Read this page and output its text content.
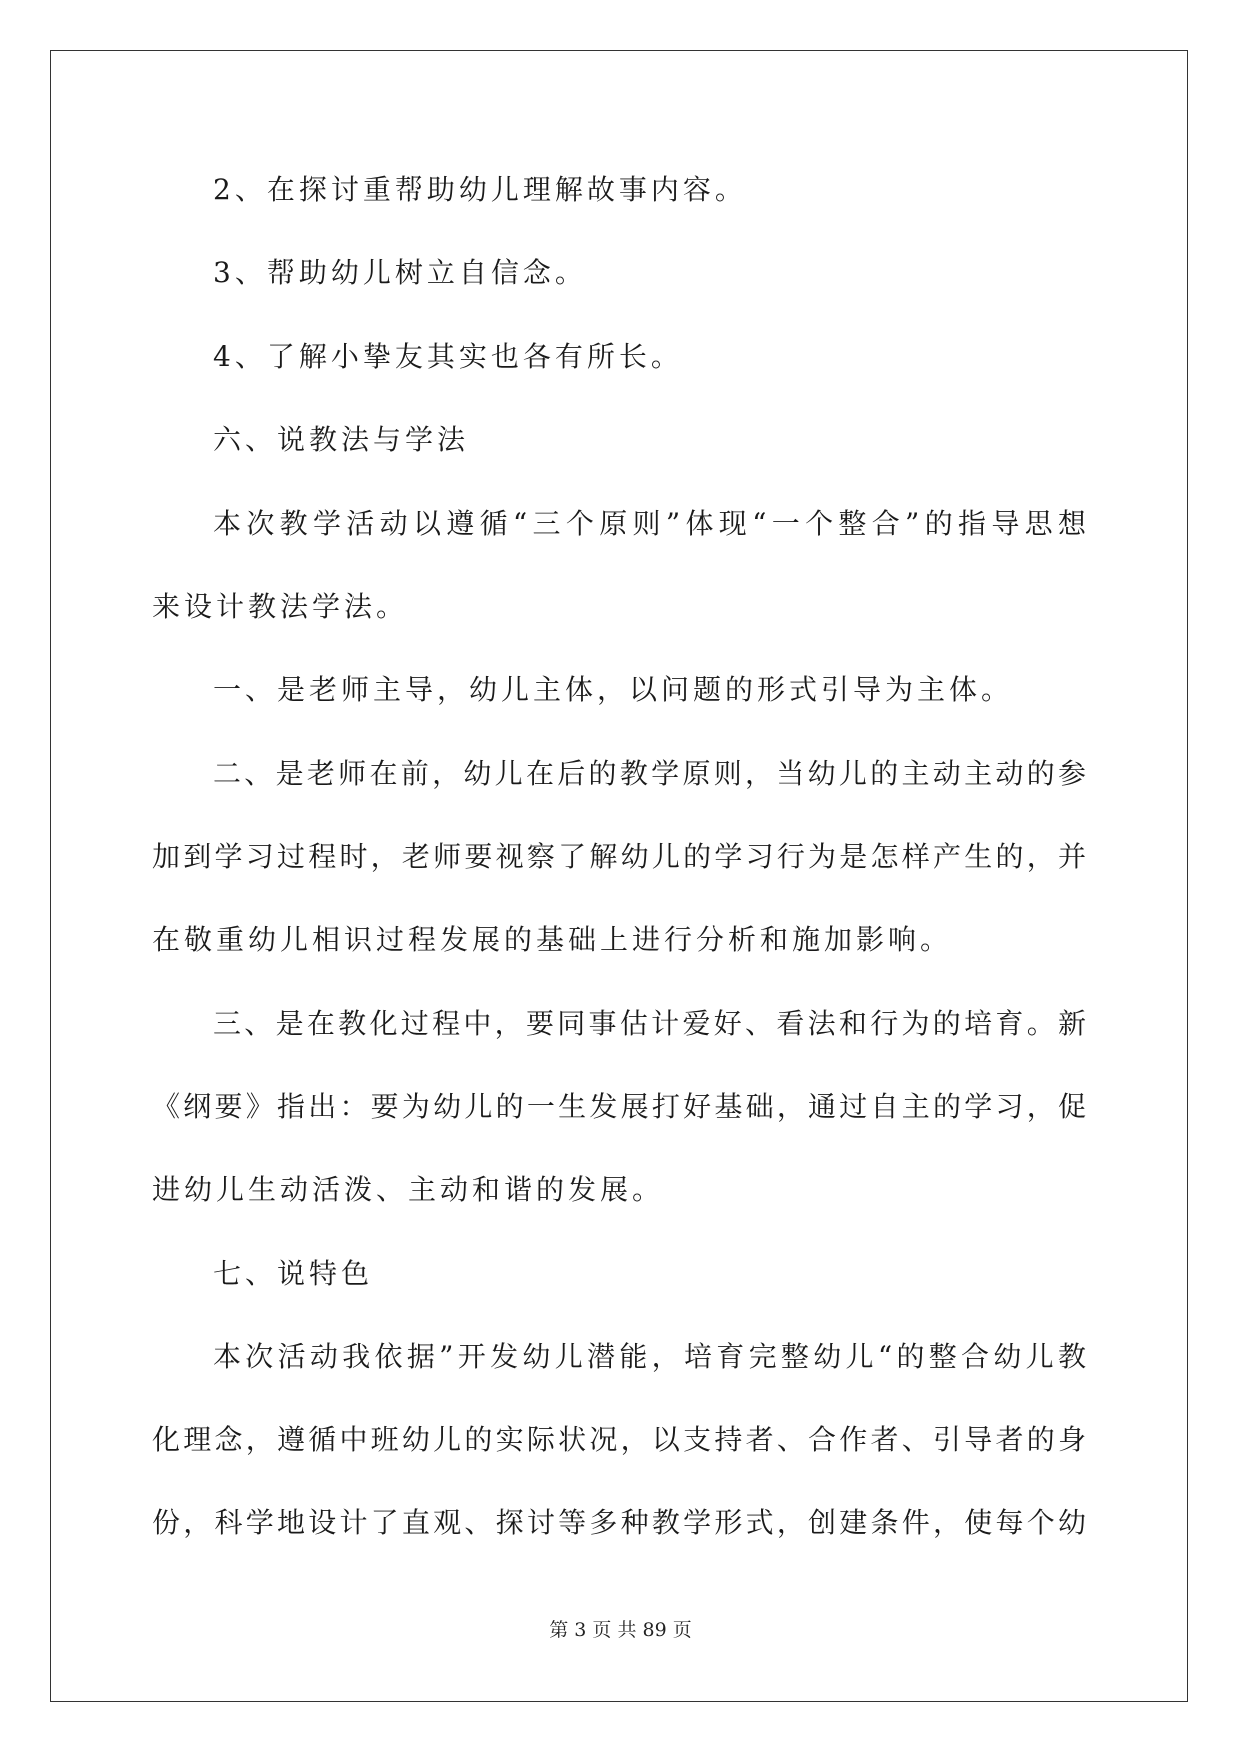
2、在探讨重帮助幼儿理解故事内容。
3、帮助幼儿树立自信念。
4、了解小挚友其实也各有所长。
六、说教法与学法
本次教学活动以遵循“三个原则”体现“一个整合”的指导思想
来设计教法学法。
一、是老师主导，幼儿主体，以问题的形式引导为主体。
二、是老师在前，幼儿在后的教学原则，当幼儿的主动主动的参
加到学习过程时，老师要视察了解幼儿的学习行为是怎样产生的，并
在敬重幼儿相识过程发展的基础上进行分析和施加影响。
三、是在教化过程中，要同事估计爱好、看法和行为的培育。新
《纲要》指出：要为幼儿的一生发展打好基础，通过自主的学习，促
进幼儿生动活泼、主动和谐的发展。
七、说特色
本次活动我依据”开发幼儿潜能，培育完整幼儿“的整合幼儿教
化理念，遵循中班幼儿的实际状况，以支持者、合作者、引导者的身
份，科学地设计了直观、探讨等多种教学形式，创建条件，使每个幼
第 3 页 共 89 页
